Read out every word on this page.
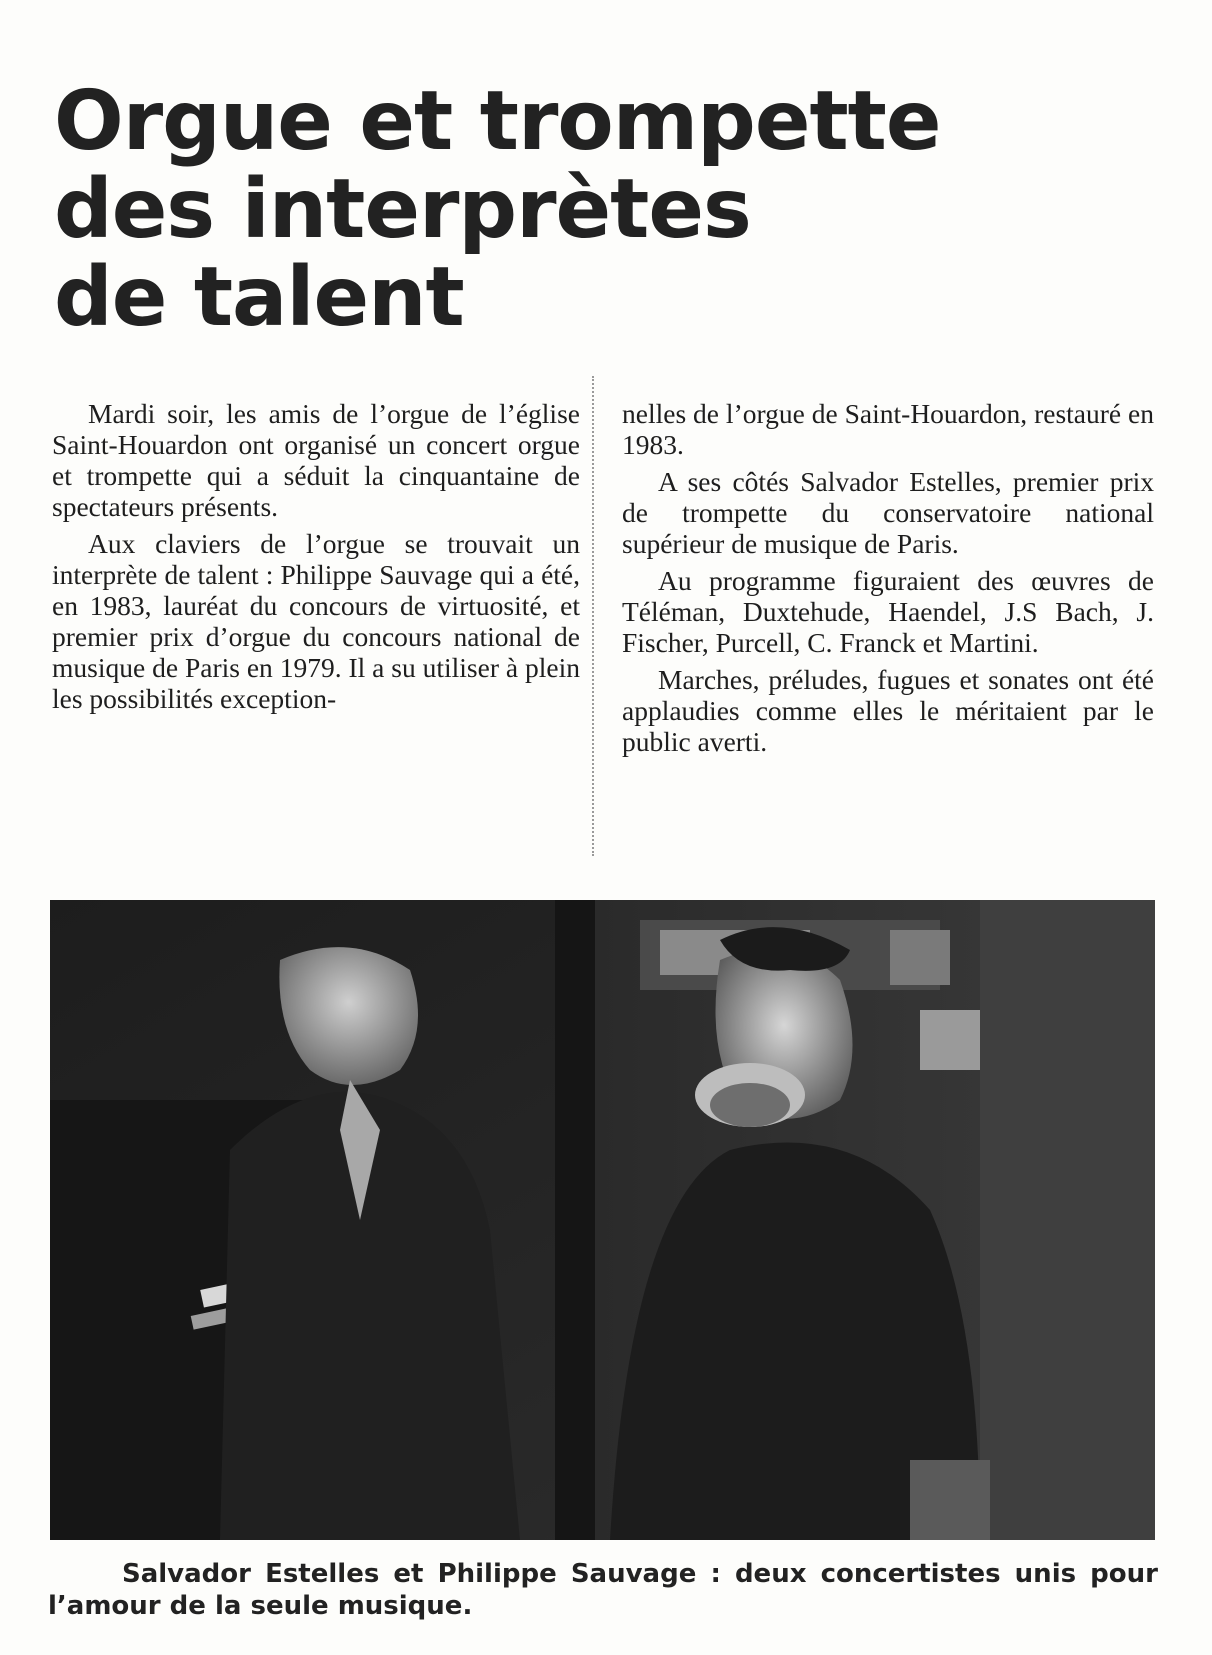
Orgue et trompette
des interprètes
de talent

Mardi soir, les amis de l’orgue de l’église Saint-Houardon ont organisé un concert orgue et trompette qui a séduit la cinquantaine de spectateurs présents.

Aux claviers de l’orgue se trouvait un interprète de talent : Philippe Sauvage qui a été, en 1983, lauréat du concours de virtuosité, et premier prix d’orgue du concours national de musique de Paris en 1979. Il a su utiliser à plein les possibilités exception-

nelles de l’orgue de Saint-Houardon, restauré en 1983.

A ses côtés Salvador Estelles, premier prix de trompette du conservatoire national supérieur de musique de Paris.

Au programme figuraient des œuvres de Téléman, Duxtehude, Haendel, J.S Bach, J. Fischer, Purcell, C. Franck et Martini.

Marches, préludes, fugues et sonates ont été applaudies comme elles le méritaient par le public averti.

Salvador Estelles et Philippe Sauvage : deux concertistes unis pour l’amour de la seule musique.
